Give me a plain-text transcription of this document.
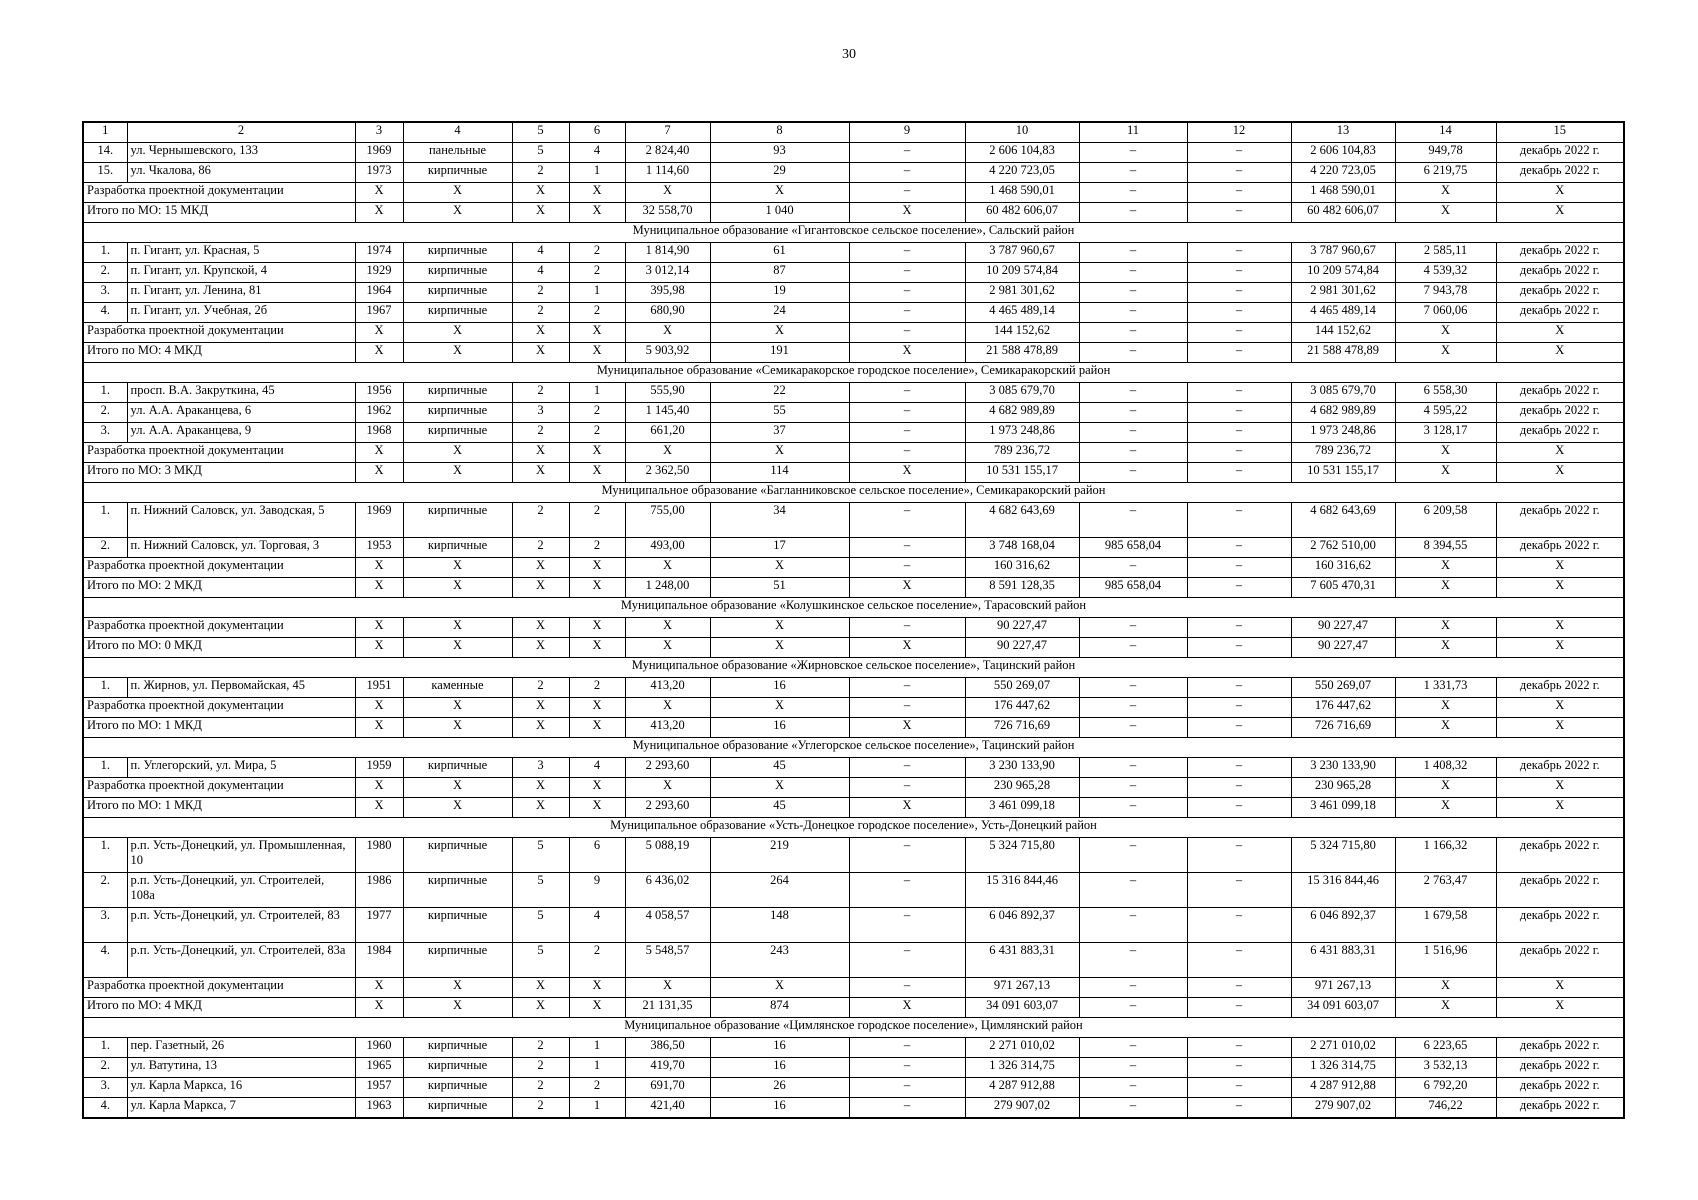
30
1	2	3	4	5	6	7	8	9	10	11	12	13	14	15
14.	ул. Чернышевского, 133	1969	панельные	5	4	2 824,40	93	–	2 606 104,83	–	–	2 606 104,83	949,78	декабрь 2022 г.
15.	ул. Чкалова, 86	1973	кирпичные	2	1	1 114,60	29	–	4 220 723,05	–	–	4 220 723,05	6 219,75	декабрь 2022 г.
Разработка проектной документации		X	X	X	X	X	X	–	1 468 590,01	–	–	1 468 590,01	X	X
Итого по МО: 15 МКД		X	X	X	X	32 558,70	1 040	X	60 482 606,07	–	–	60 482 606,07	X	X
Муниципальное образование «Гигантовское сельское поселение», Сальский район														
1.	п. Гигант, ул. Красная, 5	1974	кирпичные	4	2	1 814,90	61	–	3 787 960,67	–	–	3 787 960,67	2 585,11	декабрь 2022 г.
2.	п. Гигант, ул. Крупской, 4	1929	кирпичные	4	2	3 012,14	87	–	10 209 574,84	–	–	10 209 574,84	4 539,32	декабрь 2022 г.
3.	п. Гигант, ул. Ленина, 81	1964	кирпичные	2	1	395,98	19	–	2 981 301,62	–	–	2 981 301,62	7 943,78	декабрь 2022 г.
4.	п. Гигант, ул. Учебная, 2б	1967	кирпичные	2	2	680,90	24	–	4 465 489,14	–	–	4 465 489,14	7 060,06	декабрь 2022 г.
Разработка проектной документации		X	X	X	X	X	X	–	144 152,62	–	–	144 152,62	X	X
Итого по МО: 4 МКД		X	X	X	X	5 903,92	191	X	21 588 478,89	–	–	21 588 478,89	X	X
Муниципальное образование «Семикаракорское городское поселение», Семикаракорский район														
1.	просп. В.А. Закруткина, 45	1956	кирпичные	2	1	555,90	22	–	3 085 679,70	–	–	3 085 679,70	6 558,30	декабрь 2022 г.
2.	ул. А.А. Араканцева, 6	1962	кирпичные	3	2	1 145,40	55	–	4 682 989,89	–	–	4 682 989,89	4 595,22	декабрь 2022 г.
3.	ул. А.А. Араканцева, 9	1968	кирпичные	2	2	661,20	37	–	1 973 248,86	–	–	1 973 248,86	3 128,17	декабрь 2022 г.
Разработка проектной документации		X	X	X	X	X	X	–	789 236,72	–	–	789 236,72	X	X
Итого по МО: 3 МКД		X	X	X	X	2 362,50	114	X	10 531 155,17	–	–	10 531 155,17	X	X
Муниципальное образование «Багланниковское сельское поселение», Семикаракорский район														
1.	п. Нижний Саловск, ул. Заводская, 5	1969	кирпичные	2	2	755,00	34	–	4 682 643,69	–	–	4 682 643,69	6 209,58	декабрь 2022 г.
2.	п. Нижний Саловск, ул. Торговая, 3	1953	кирпичные	2	2	493,00	17	–	3 748 168,04	985 658,04	–	2 762 510,00	8 394,55	декабрь 2022 г.
Разработка проектной документации		X	X	X	X	X	X	–	160 316,62	–	–	160 316,62	X	X
Итого по МО: 2 МКД		X	X	X	X	1 248,00	51	X	8 591 128,35	985 658,04	–	7 605 470,31	X	X
Муниципальное образование «Колушкинское сельское поселение», Тарасовский район														
Разработка проектной документации		X	X	X	X	X	X	–	90 227,47	–	–	90 227,47	X	X
Итого по МО: 0 МКД		X	X	X	X	X	X	X	90 227,47	–	–	90 227,47	X	X
Муниципальное образование «Жирновское сельское поселение», Тацинский район														
1.	п. Жирнов, ул. Первомайская, 45	1951	каменные	2	2	413,20	16	–	550 269,07	–	–	550 269,07	1 331,73	декабрь 2022 г.
Разработка проектной документации		X	X	X	X	X	X	–	176 447,62	–	–	176 447,62	X	X
Итого по МО: 1 МКД		X	X	X	X	413,20	16	X	726 716,69	–	–	726 716,69	X	X
Муниципальное образование «Углегорское сельское поселение», Тацинский район														
1.	п. Углегорский, ул. Мира, 5	1959	кирпичные	3	4	2 293,60	45	–	3 230 133,90	–	–	3 230 133,90	1 408,32	декабрь 2022 г.
Разработка проектной документации		X	X	X	X	X	X	–	230 965,28	–	–	230 965,28	X	X
Итого по МО: 1 МКД		X	X	X	X	2 293,60	45	X	3 461 099,18	–	–	3 461 099,18	X	X
Муниципальное образование «Усть-Донецкое городское поселение», Усть-Донецкий район														
1.	р.п. Усть-Донецкий, ул. Промышленная, 10	1980	кирпичные	5	6	5 088,19	219	–	5 324 715,80	–	–	5 324 715,80	1 166,32	декабрь 2022 г.
2.	р.п. Усть-Донецкий, ул. Строителей, 108а	1986	кирпичные	5	9	6 436,02	264	–	15 316 844,46	–	–	15 316 844,46	2 763,47	декабрь 2022 г.
3.	р.п. Усть-Донецкий, ул. Строителей, 83	1977	кирпичные	5	4	4 058,57	148	–	6 046 892,37	–	–	6 046 892,37	1 679,58	декабрь 2022 г.
4.	р.п. Усть-Донецкий, ул. Строителей, 83а	1984	кирпичные	5	2	5 548,57	243	–	6 431 883,31	–	–	6 431 883,31	1 516,96	декабрь 2022 г.
Разработка проектной документации		X	X	X	X	X	X	–	971 267,13	–	–	971 267,13	X	X
Итого по МО: 4 МКД		X	X	X	X	21 131,35	874	X	34 091 603,07	–	–	34 091 603,07	X	X
Муниципальное образование «Цимлянское городское поселение», Цимлянский район														
1.	пер. Газетный, 26	1960	кирпичные	2	1	386,50	16	–	2 271 010,02	–	–	2 271 010,02	6 223,65	декабрь 2022 г.
2.	ул. Ватутина, 13	1965	кирпичные	2	1	419,70	16	–	1 326 314,75	–	–	1 326 314,75	3 532,13	декабрь 2022 г.
3.	ул. Карла Маркса, 16	1957	кирпичные	2	2	691,70	26	–	4 287 912,88	–	–	4 287 912,88	6 792,20	декабрь 2022 г.
4.	ул. Карла Маркса, 7	1963	кирпичные	2	1	421,40	16	–	279 907,02	–	–	279 907,02	746,22	декабрь 2022 г.
